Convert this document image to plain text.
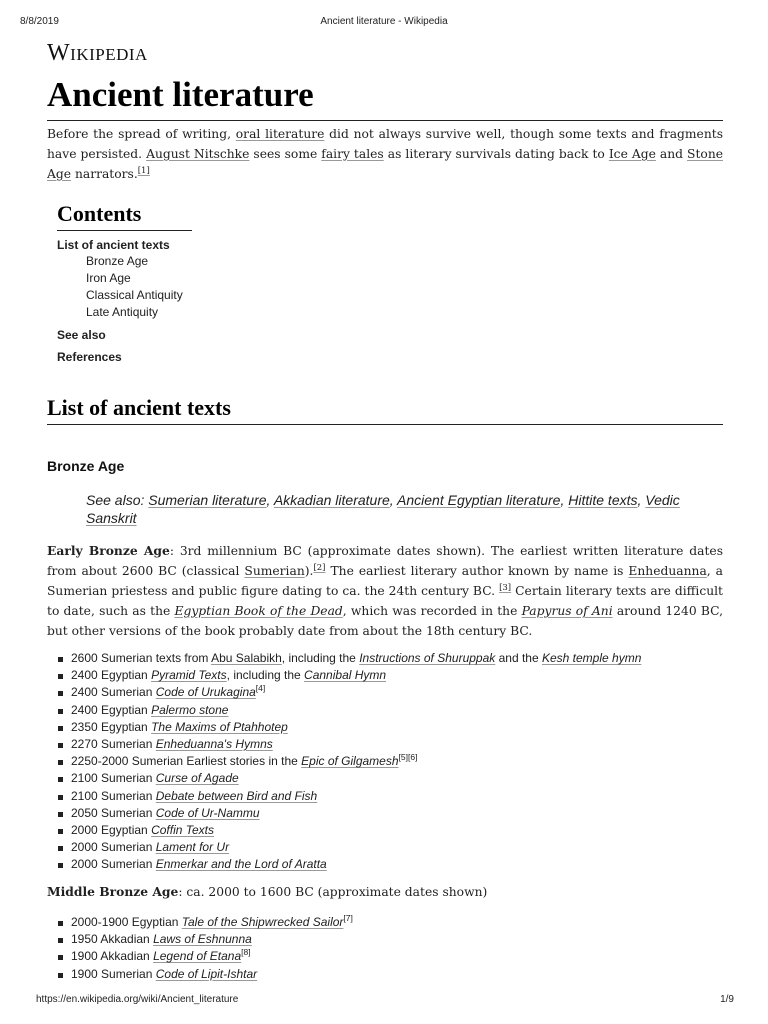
8/8/2019	Ancient literature - Wikipedia
Wikipedia
Ancient literature

Before the spread of writing, oral literature did not always survive well, though some texts and fragments have persisted. August Nitschke sees some fairy tales as literary survivals dating back to Ice Age and Stone Age narrators.[1]

Contents
List of ancient texts
Bronze Age
Iron Age
Classical Antiquity
Late Antiquity
See also
References
List of ancient texts
Bronze Age
See also: Sumerian literature, Akkadian literature, Ancient Egyptian literature, Hittite texts, Vedic Sanskrit

Early Bronze Age: 3rd millennium BC (approximate dates shown). The earliest written literature dates from about 2600 BC (classical Sumerian).[2] The earliest literary author known by name is Enheduanna, a Sumerian priestess and public figure dating to ca. the 24th century BC. [3] Certain literary texts are difficult to date, such as the Egyptian Book of the Dead, which was recorded in the Papyrus of Ani around 1240 BC, but other versions of the book probably date from about the 18th century BC.

2600 Sumerian texts from Abu Salabikh, including the Instructions of Shuruppak and the Kesh temple hymn
2400 Egyptian Pyramid Texts, including the Cannibal Hymn
2400 Sumerian Code of Urukagina[4]
2400 Egyptian Palermo stone
2350 Egyptian The Maxims of Ptahhotep
2270 Sumerian Enheduanna's Hymns
2250-2000 Sumerian Earliest stories in the Epic of Gilgamesh[5][6]
2100 Sumerian Curse of Agade
2100 Sumerian Debate between Bird and Fish
2050 Sumerian Code of Ur-Nammu
2000 Egyptian Coffin Texts
2000 Sumerian Lament for Ur
2000 Sumerian Enmerkar and the Lord of Aratta

Middle Bronze Age: ca. 2000 to 1600 BC (approximate dates shown)

2000-1900 Egyptian Tale of the Shipwrecked Sailor[7]
1950 Akkadian Laws of Eshnunna
1900 Akkadian Legend of Etana[8]
1900 Sumerian Code of Lipit-Ishtar
https://en.wikipedia.org/wiki/Ancient_literature	1/9
